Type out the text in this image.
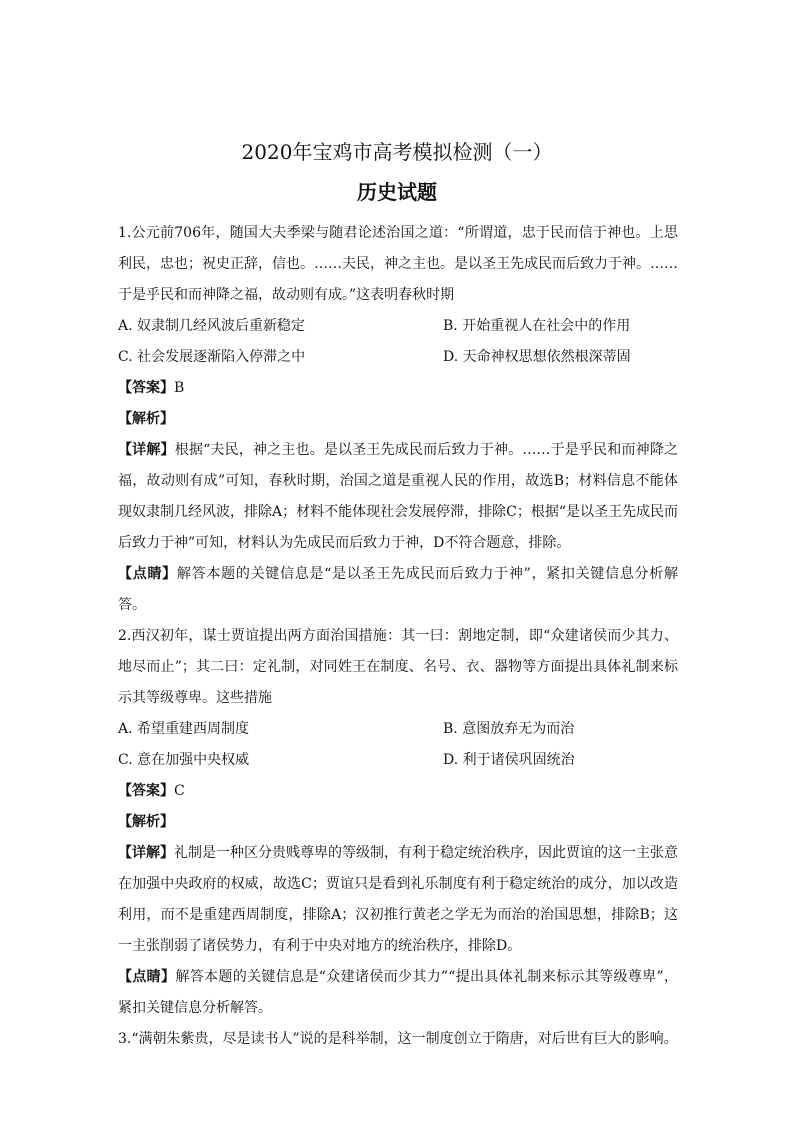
2020年宝鸡市高考模拟检测（一）
历史试题

1.公元前706年，随国大夫季梁与随君论述治国之道：“所谓道，忠于民而信于神也。上思利民，忠也；祝史正辞，信也。……夫民，神之主也。是以圣王先成民而后致力于神。……于是乎民和而神降之福，故动则有成。”这表明春秋时期

A. 奴隶制几经风波后重新稳定	B. 开始重视人在社会中的作用
C. 社会发展逐渐陷入停滞之中	D. 天命神权思想依然根深蒂固

【答案】B

【解析】

【详解】根据“夫民，神之主也。是以圣王先成民而后致力于神。……于是乎民和而神降之福，故动则有成”可知，春秋时期，治国之道是重视人民的作用，故选B；材料信息不能体现奴隶制几经风波，排除A；材料不能体现社会发展停滞，排除C；根据“是以圣王先成民而后致力于神”可知，材料认为先成民而后致力于神，D不符合题意，排除。

【点睛】解答本题的关键信息是“是以圣王先成民而后致力于神”，紧扣关键信息分析解答。

2.西汉初年，谋士贾谊提出两方面治国措施：其一曰：割地定制，即“众建诸侯而少其力、地尽而止”；其二曰：定礼制，对同姓王在制度、名号、衣、器物等方面提出具体礼制来标示其等级尊卑。这些措施

A. 希望重建西周制度	B. 意图放弃无为而治
C. 意在加强中央权威	D. 利于诸侯巩固统治

【答案】C

【解析】

【详解】礼制是一种区分贵贱尊卑的等级制，有利于稳定统治秩序，因此贾谊的这一主张意在加强中央政府的权威，故选C；贾谊只是看到礼乐制度有利于稳定统治的成分，加以改造利用，而不是重建西周制度，排除A；汉初推行黄老之学无为而治的治国思想，排除B；这一主张削弱了诸侯势力，有利于中央对地方的统治秩序，排除D。

【点睛】解答本题的关键信息是“众建诸侯而少其力”“提出具体礼制来标示其等级尊卑”，紧扣关键信息分析解答。

3.“满朝朱紫贵，尽是读书人”说的是科举制，这一制度创立于隋唐，对后世有巨大的影响。
